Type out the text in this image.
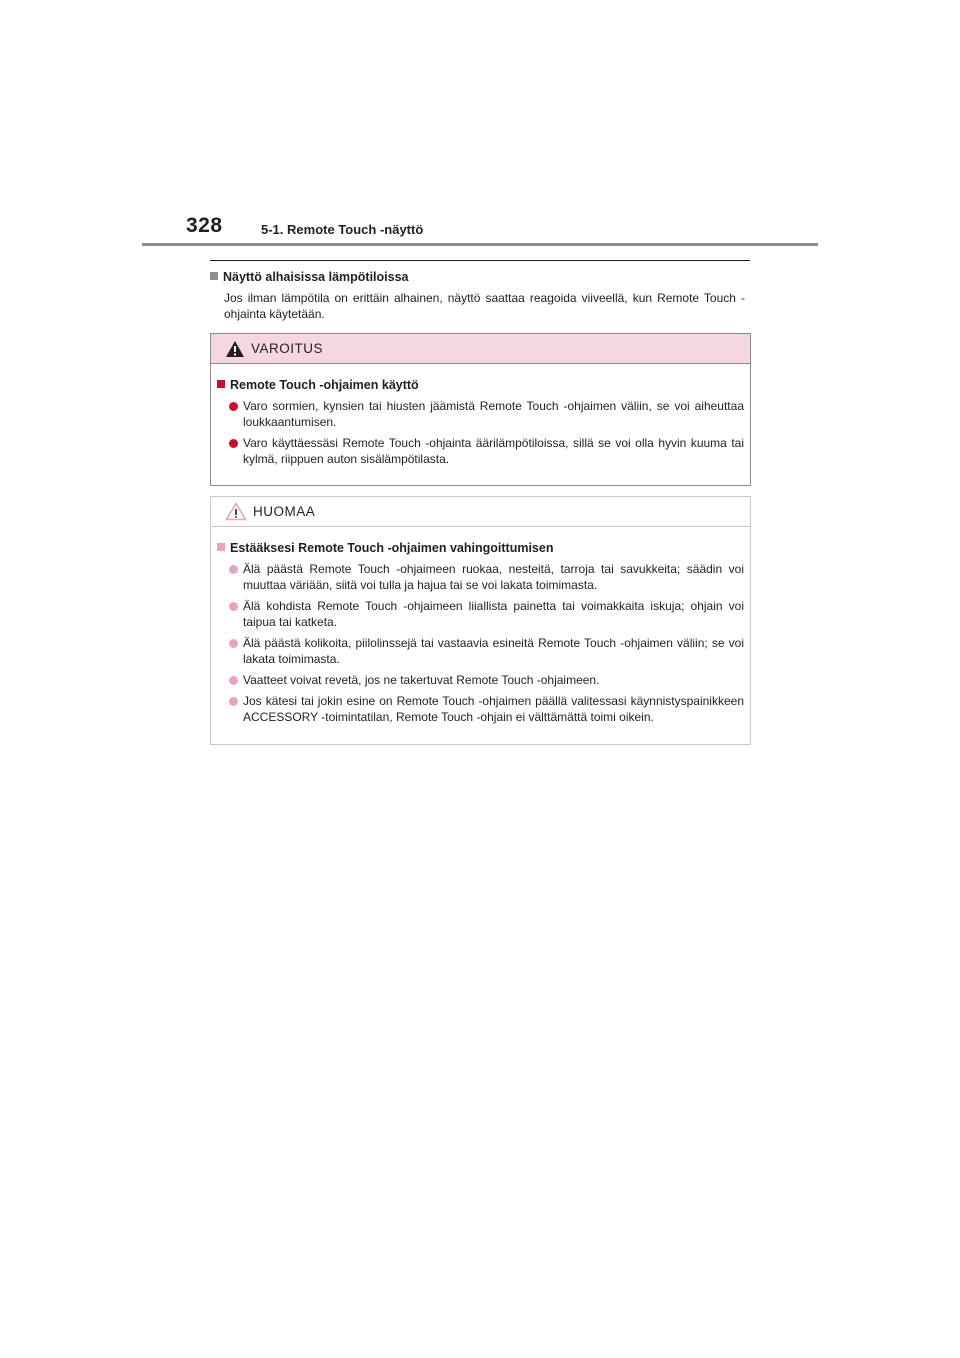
328	5-1. Remote Touch -näyttö
Näyttö alhaisissa lämpötiloissa
Jos ilman lämpötila on erittäin alhainen, näyttö saattaa reagoida viiveellä, kun Remote Touch -ohjainta käytetään.
VAROITUS
Remote Touch -ohjaimen käyttö
Varo sormien, kynsien tai hiusten jäämistä Remote Touch -ohjaimen väliin, se voi aiheuttaa loukkaantumisen.
Varo käyttäessäsi Remote Touch -ohjainta äärilämpötiloissa, sillä se voi olla hyvin kuuma tai kylmä, riippuen auton sisälämpötilasta.
HUOMAA
Estääksesi Remote Touch -ohjaimen vahingoittumisen
Älä päästä Remote Touch -ohjaimeen ruokaa, nesteitä, tarroja tai savukkeita; säädin voi muuttaa väriään, siitä voi tulla ja hajua tai se voi lakata toimimasta.
Älä kohdista Remote Touch -ohjaimeen liiallista painetta tai voimakkaita iskuja; ohjain voi taipua tai katketa.
Älä päästä kolikoita, piilolinssejä tai vastaavia esineitä Remote Touch -ohjaimen väliin; se voi lakata toimimasta.
Vaatteet voivat revetä, jos ne takertuvat Remote Touch -ohjaimeen.
Jos kätesi tai jokin esine on Remote Touch -ohjaimen päällä valitessasi käynnistyspainikkeen ACCESSORY -toimintatilan, Remote Touch -ohjain ei välttämättä toimi oikein.
